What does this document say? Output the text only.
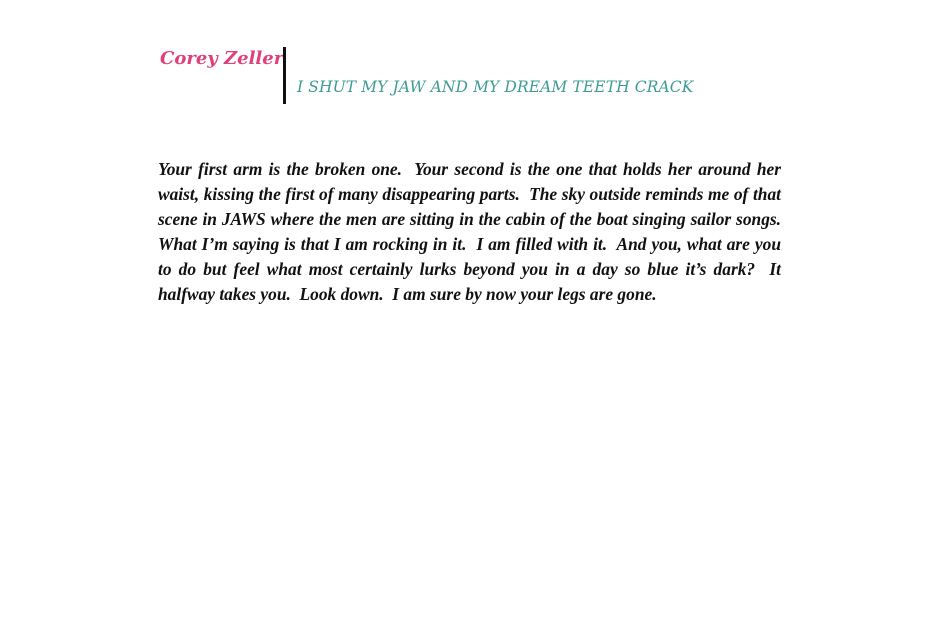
Corey Zeller
I SHUT MY JAW AND MY DREAM TEETH CRACK

Your first arm is the broken one.  Your second is the one that holds her around her waist, kissing the first of many disappearing parts.  The sky outside reminds me of that scene in JAWS where the men are sitting in the cabin of the boat singing sailor songs.  What I’m saying is that I am rocking in it.  I am filled with it.  And you, what are you to do but feel what most certainly lurks beyond you in a day so blue it’s dark?  It halfway takes you.  Look down.  I am sure by now your legs are gone.
